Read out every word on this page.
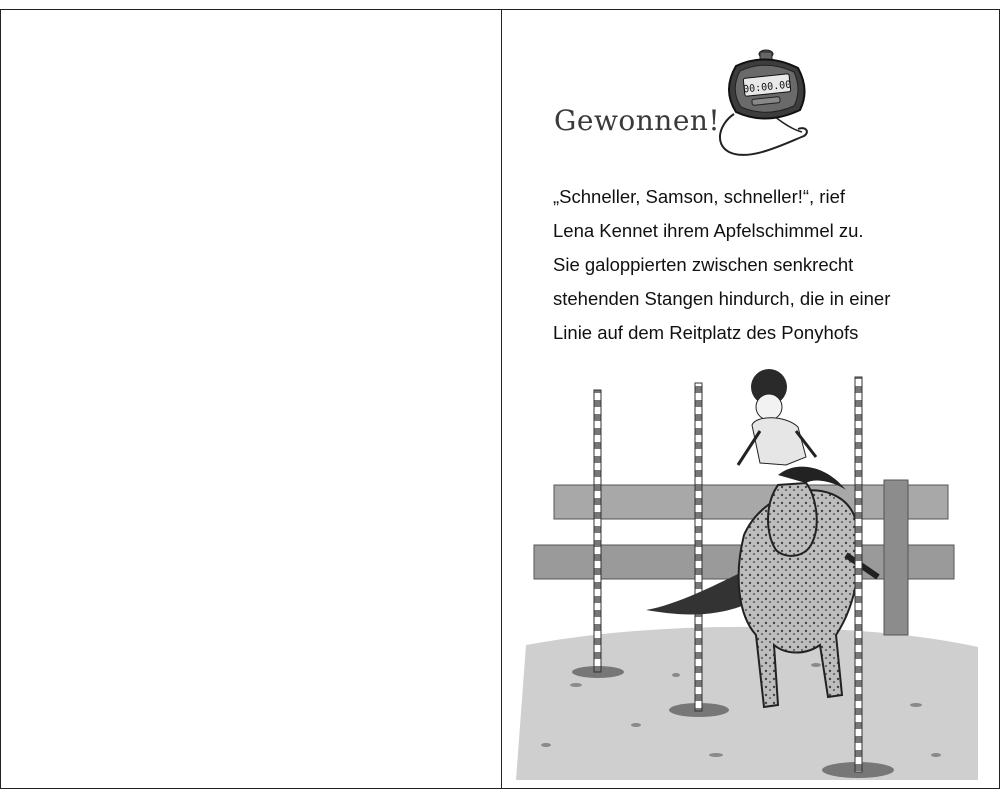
00:00.00
Gewonnen!
„Schneller, Samson, schneller!“, rief
Lena Kennet ihrem Apfelschimmel zu.
Sie galoppierten zwischen senkrecht
stehenden Stangen hindurch, die in einer
Linie auf dem Reitplatz des Ponyhofs
